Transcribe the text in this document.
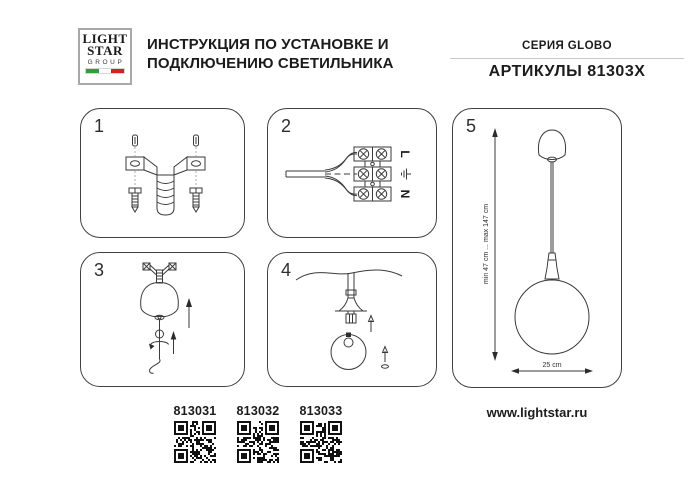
LIGHT
STAR
GROUP
ИНСТРУКЦИЯ ПО УСТАНОВКЕ И
ПОДКЛЮЧЕНИЮ СВЕТИЛЬНИКА
СЕРИЯ GLOBO
АРТИКУЛЫ 81303X
1	2
L
N
3	4
5
min 47 cm ... max 147 cm
25 cm
813031	813032	813033	www.lightstar.ru
